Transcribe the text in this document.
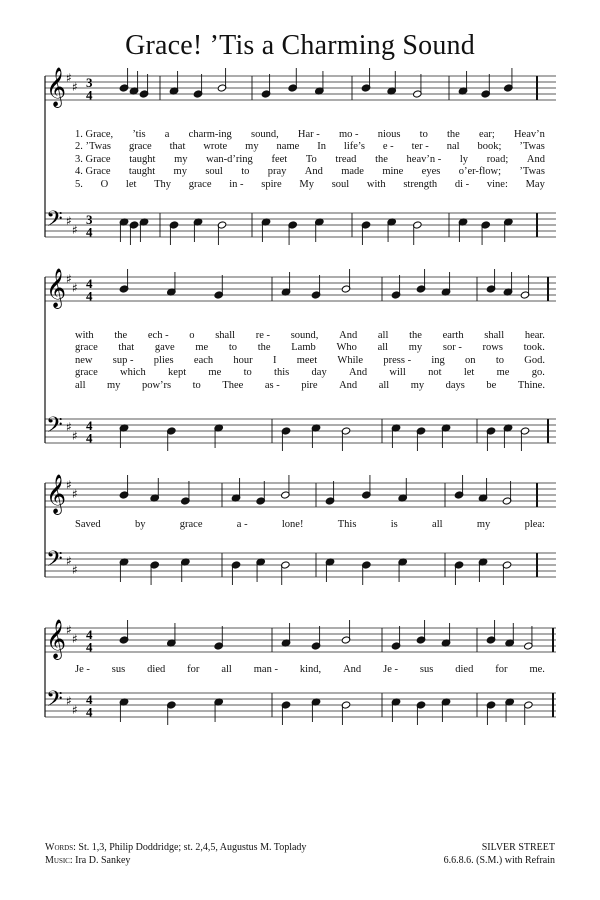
Grace! ’Tis a Charming Sound
𝄞
𝄢
♯
♯
♯
♯
3
4
3
4
𝄞
𝄢
♯
♯
♯
♯
4
4
4
4
𝄞
𝄢
♯
♯
♯
♯
𝄞
𝄢
♯
♯
♯
♯
4
4
4
4
1. Grace, ’tis a charm-ing sound, Har - mo - nious to the ear; Heav’n
2. ’Twas grace that wrote my name In life’s e - ter - nal book; ’Twas
3. Grace taught my wan-d’ring feet To tread the heav’n - ly road; And
4. Grace taught my soul to pray And made mine eyes o’er-flow; ’Twas
5. O let Thy grace in - spire My soul with strength di - vine: May
with the ech - o shall re - sound, And all the earth shall hear.
grace that gave me to the Lamb Who all my sor - rows took.
new sup - plies each hour I meet While press - ing on to God.
grace which kept me to this day And will not let me go.
all my pow’rs to Thee as - pire And all my days be Thine.
Saved	by	grace	a -	lone!	This	is	all	my	plea:
Je - sus died for all man - kind, And Je - sus died for me.
Words: St. 1,3, Philip Doddridge; st. 2,4,5, Augustus M. Toplady
Music: Ira D. Sankey
SILVER STREET
6.6.8.6. (S.M.) with Refrain
